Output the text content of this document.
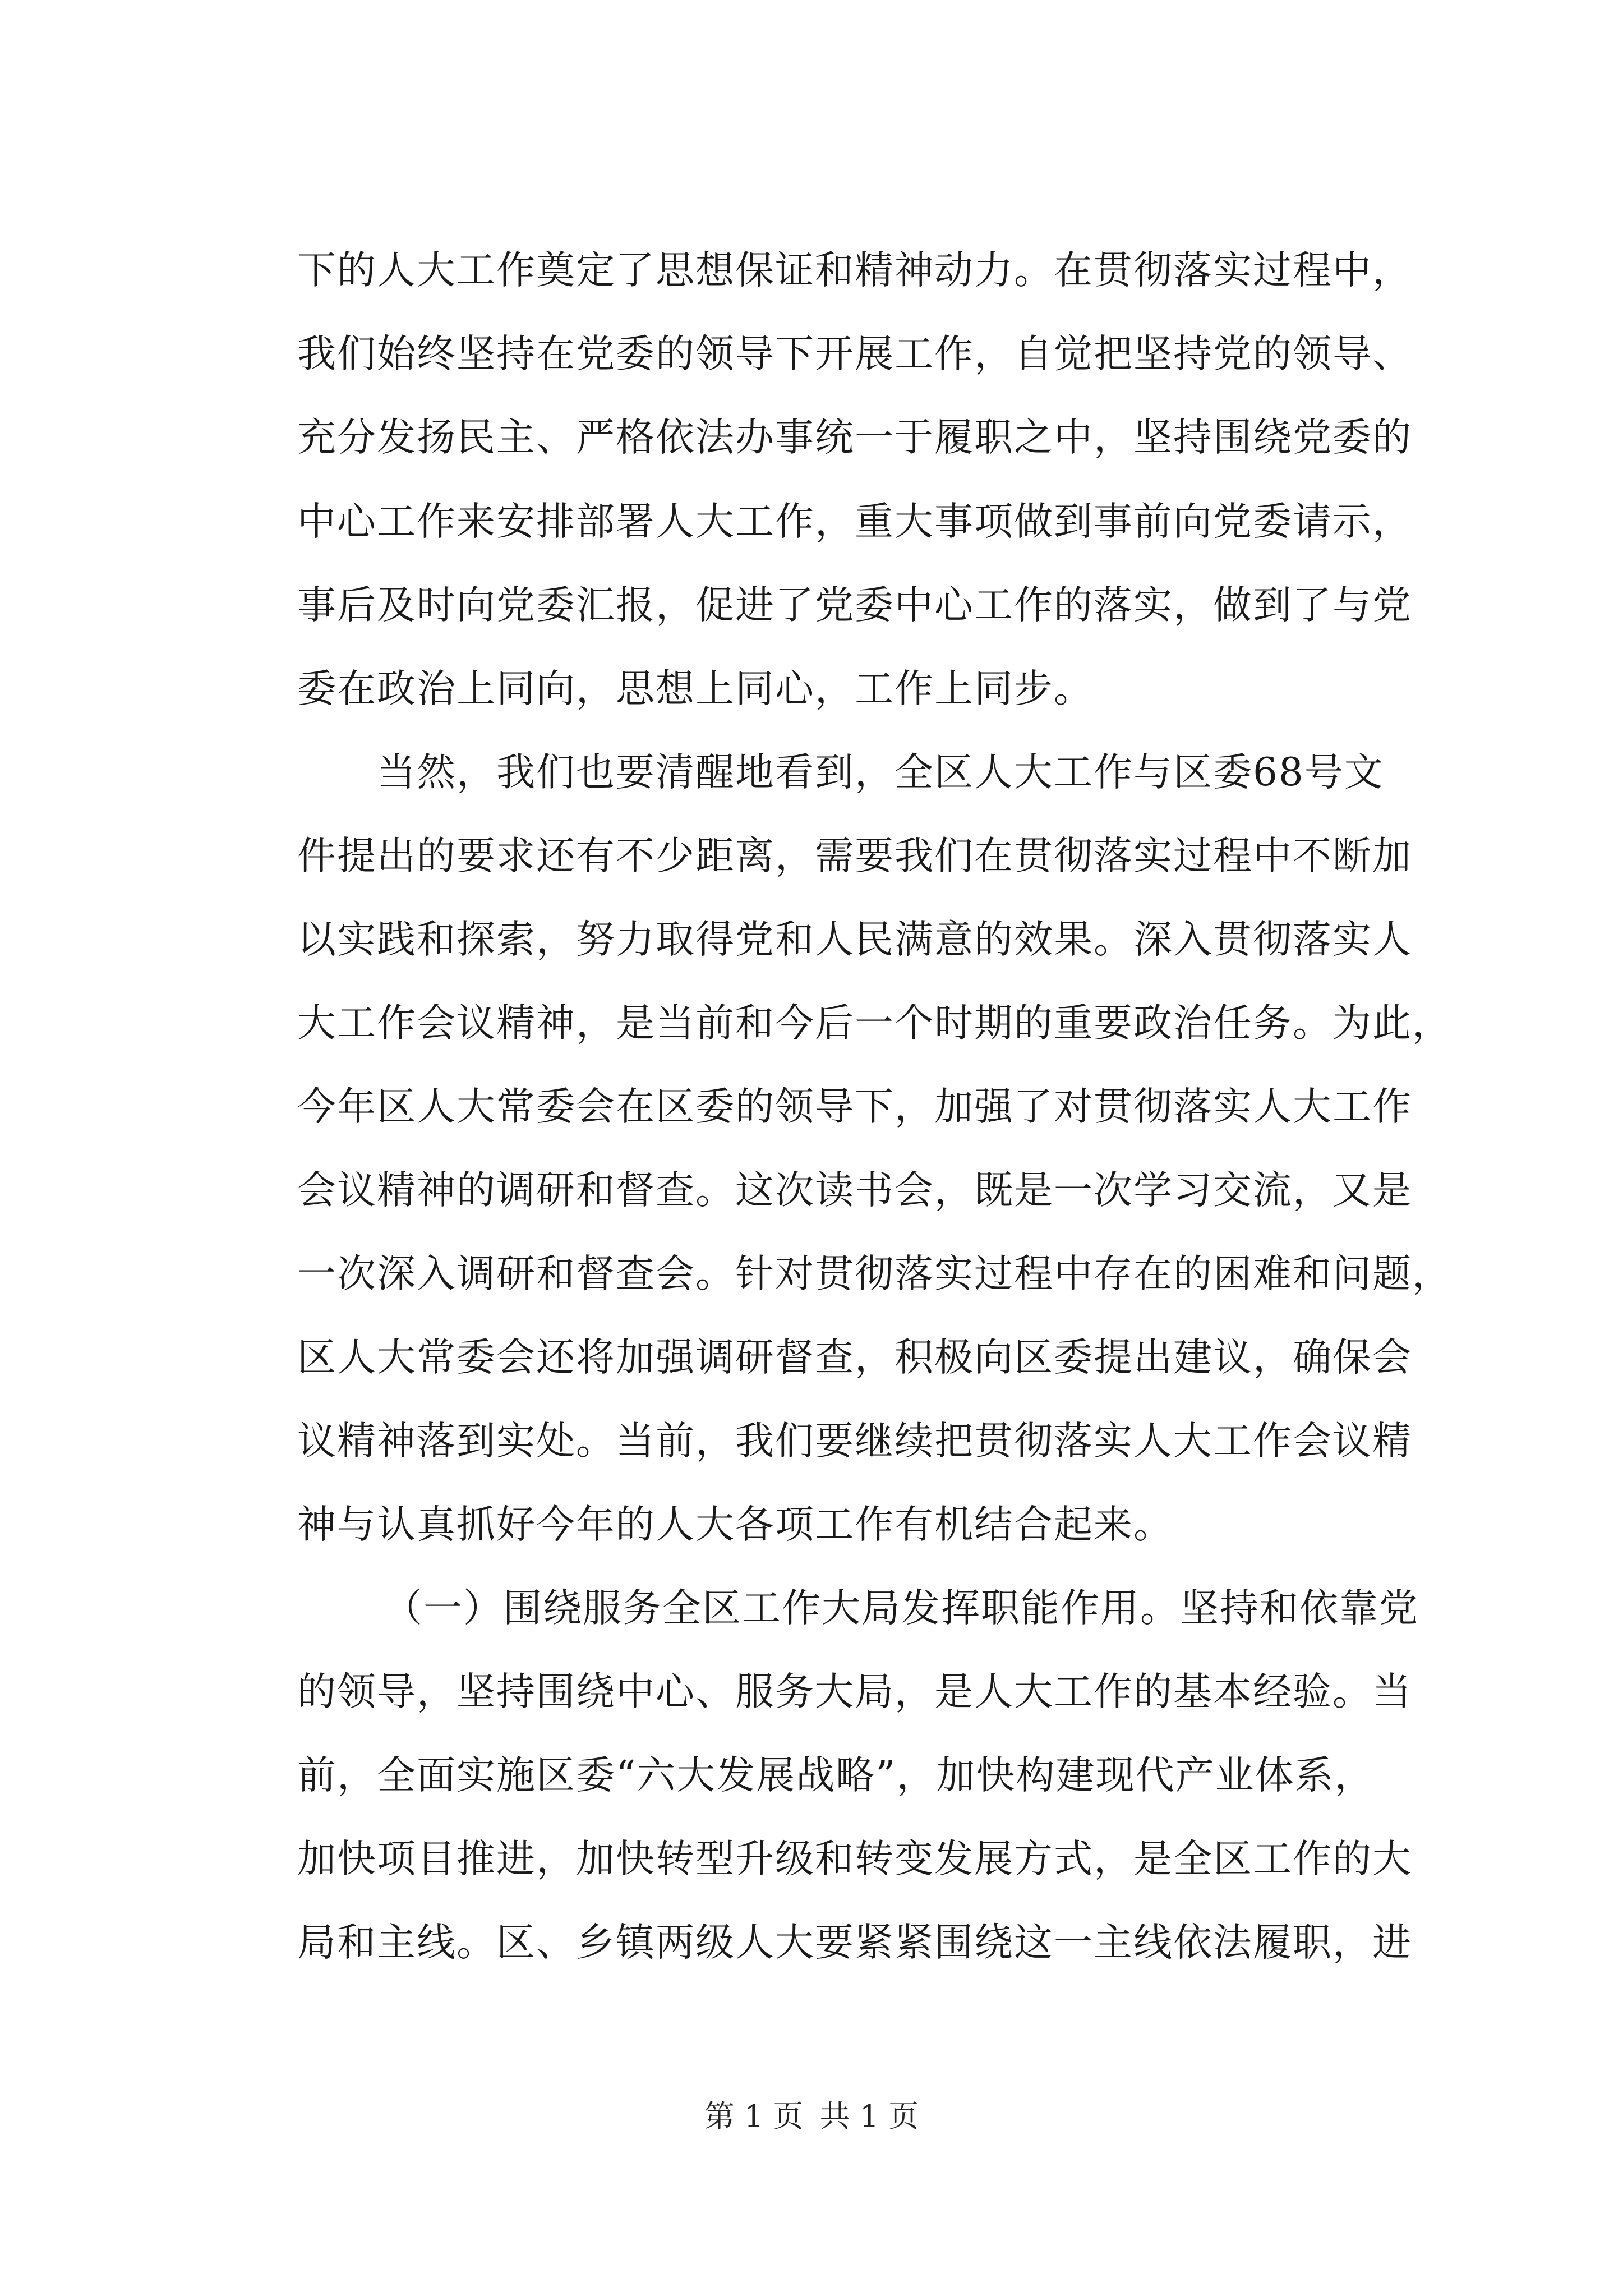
下的人大工作奠定了思想保证和精神动力。在贯彻落实过程中，
我们始终坚持在党委的领导下开展工作，自觉把坚持党的领导、
充分发扬民主、严格依法办事统一于履职之中，坚持围绕党委的
中心工作来安排部署人大工作，重大事项做到事前向党委请示，
事后及时向党委汇报，促进了党委中心工作的落实，做到了与党
委在政治上同向，思想上同心，工作上同步。
当然，我们也要清醒地看到，全区人大工作与区委68号文
件提出的要求还有不少距离，需要我们在贯彻落实过程中不断加
以实践和探索，努力取得党和人民满意的效果。深入贯彻落实人
大工作会议精神，是当前和今后一个时期的重要政治任务。为此，
今年区人大常委会在区委的领导下，加强了对贯彻落实人大工作
会议精神的调研和督查。这次读书会，既是一次学习交流，又是
一次深入调研和督查会。针对贯彻落实过程中存在的困难和问题，
区人大常委会还将加强调研督查，积极向区委提出建议，确保会
议精神落到实处。当前，我们要继续把贯彻落实人大工作会议精
神与认真抓好今年的人大各项工作有机结合起来。
（一）围绕服务全区工作大局发挥职能作用。坚持和依靠党
的领导，坚持围绕中心、服务大局，是人大工作的基本经验。当
前，全面实施区委“六大发展战略”，加快构建现代产业体系，
加快项目推进，加快转型升级和转变发展方式，是全区工作的大
局和主线。区、乡镇两级人大要紧紧围绕这一主线依法履职，进
第 1 页 共 1 页
